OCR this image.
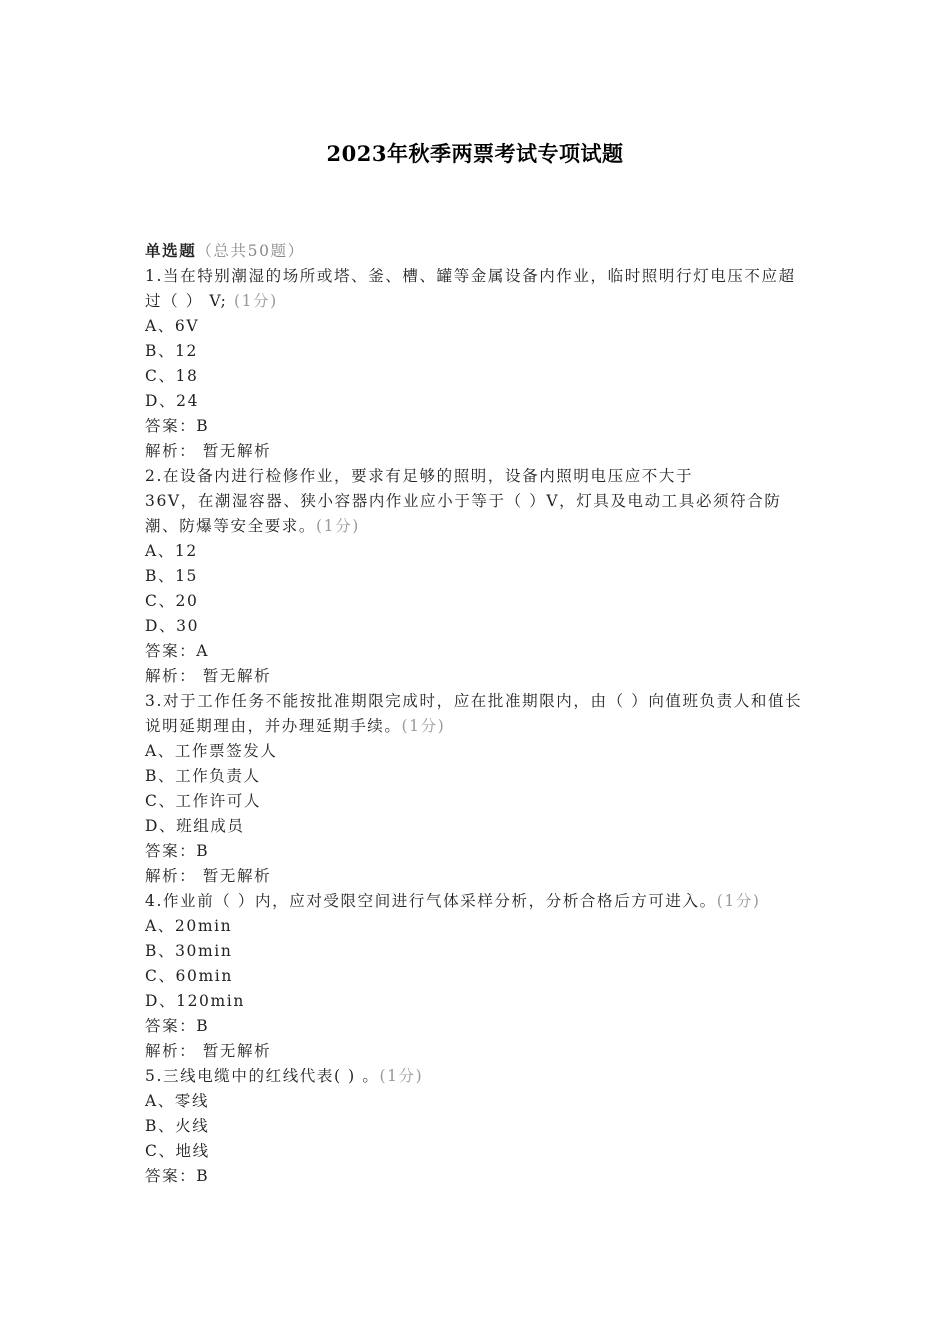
2023年秋季两票考试专项试题

单选题（总共50题）

1.当在特别潮湿的场所或塔、釜、槽、罐等金属设备内作业，临时照明行灯电压不应超过（ ） V; (1分)

A、6V

B、12

C、18

D、24

答案：B

解析： 暂无解析

2.在设备内进行检修作业，要求有足够的照明，设备内照明电压应不大于

36V，在潮湿容器、狭小容器内作业应小于等于（ ）V，灯具及电动工具必须符合防潮、防爆等安全要求。(1分)

A、12

B、15

C、20

D、30

答案：A

解析： 暂无解析

3.对于工作任务不能按批准期限完成时，应在批准期限内，由（ ）向值班负责人和值长说明延期理由，并办理延期手续。(1分)

A、工作票签发人

B、工作负责人

C、工作许可人

D、班组成员

答案：B

解析： 暂无解析

4.作业前（ ）内，应对受限空间进行气体采样分析，分析合格后方可进入。(1分)

A、20min

B、30min

C、60min

D、120min

答案：B

解析： 暂无解析

5.三线电缆中的红线代表( ) 。(1分)

A、零线

B、火线

C、地线

答案：B
